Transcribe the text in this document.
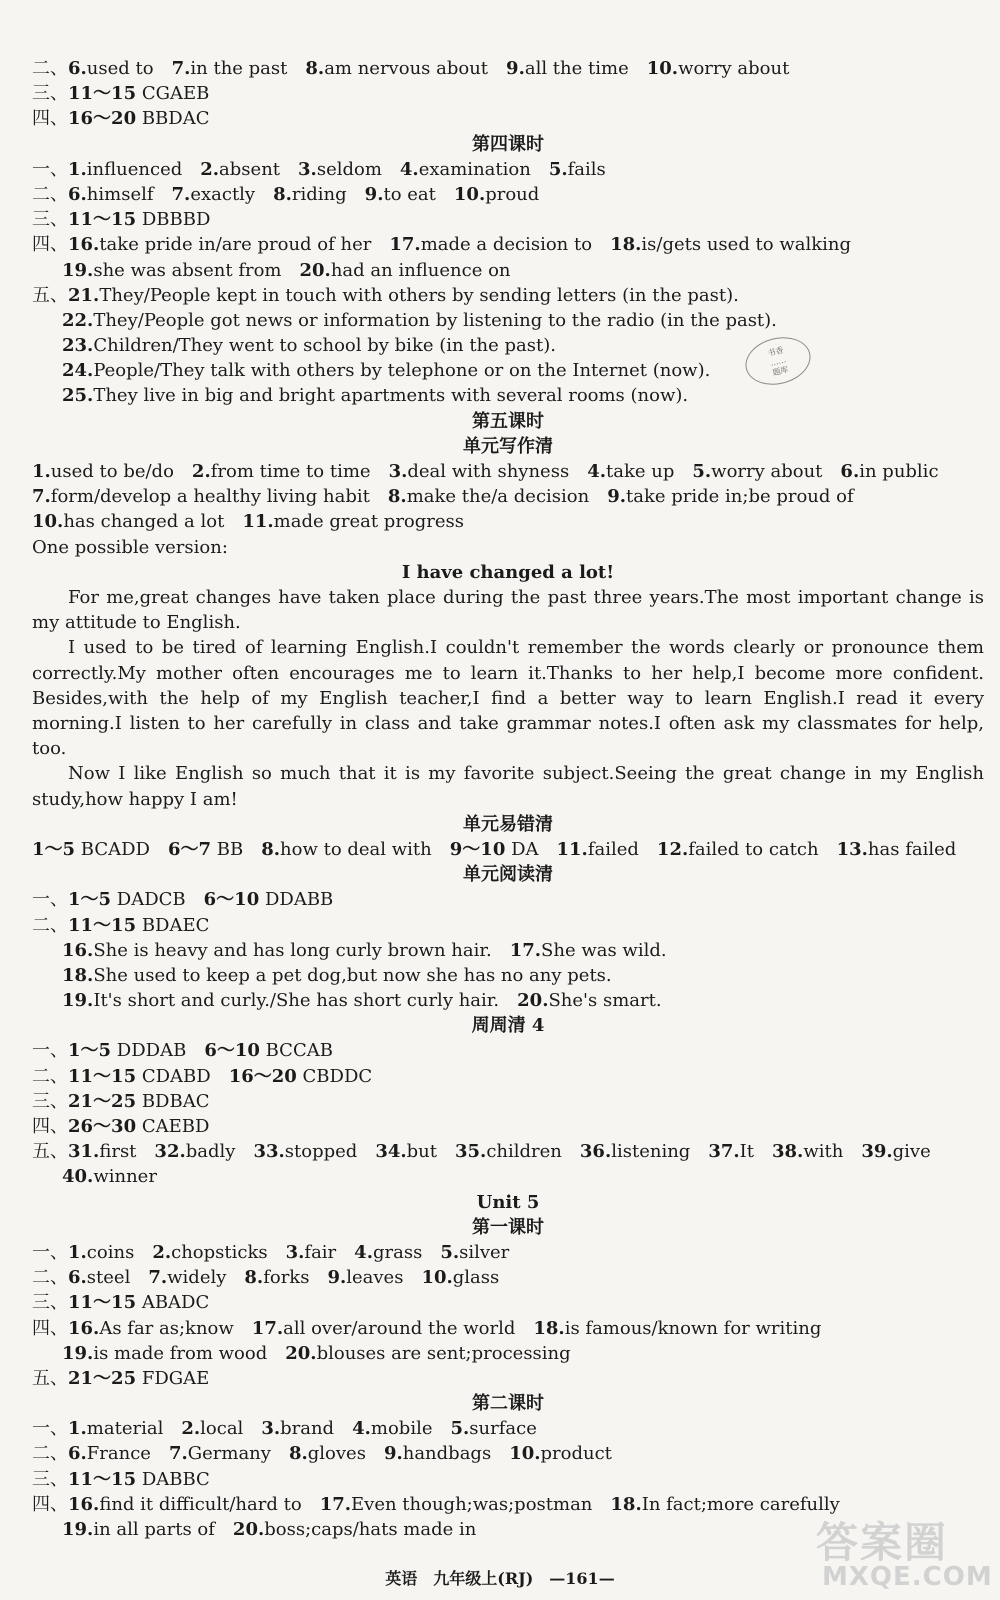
二、6.used to 7.in the past 8.am nervous about 9.all the time 10.worry about
三、11～15 CGAEB
四、16～20 BBDAC
第四课时
一、1.influenced 2.absent 3.seldom 4.examination 5.fails
二、6.himself 7.exactly 8.riding 9.to eat 10.proud
三、11～15 DBBBD
四、16.take pride in/are proud of her 17.made a decision to 18.is/gets used to walking
19.she was absent from 20.had an influence on
五、21.They/People kept in touch with others by sending letters (in the past).
22.They/People got news or information by listening to the radio (in the past).
23.Children/They went to school by bike (in the past).
24.People/They talk with others by telephone or on the Internet (now).
25.They live in big and bright apartments with several rooms (now).
第五课时
单元写作清
1.used to be/do 2.from time to time 3.deal with shyness 4.take up 5.worry about 6.in public
7.form/develop a healthy living habit 8.make the/a decision 9.take pride in;be proud of
10.has changed a lot 11.made great progress
One possible version:
I have changed a lot!
For me,great changes have taken place during the past three years.The most important change is my attitude to English.
I used to be tired of learning English.I couldn't remember the words clearly or pronounce them correctly.My mother often encourages me to learn it.Thanks to her help,I become more confident. Besides,with the help of my English teacher,I find a better way to learn English.I read it every morning.I listen to her carefully in class and take grammar notes.I often ask my classmates for help, too.
Now I like English so much that it is my favorite subject.Seeing the great change in my English study,how happy I am!
单元易错清
1～5 BCADD 6～7 BB 8.how to deal with 9～10 DA 11.failed 12.failed to catch 13.has failed
单元阅读清
一、1～5 DADCB 6～10 DDABB
二、11～15 BDAEC
16.She is heavy and has long curly brown hair. 17.She was wild.
18.She used to keep a pet dog,but now she has no any pets.
19.It's short and curly./She has short curly hair. 20.She's smart.
周周清 4
一、1～5 DDDAB 6～10 BCCAB
二、11～15 CDABD 16～20 CBDDC
三、21～25 BDBAC
四、26～30 CAEBD
五、31.first 32.badly 33.stopped 34.but 35.children 36.listening 37.It 38.with 39.give
40.winner
Unit 5
第一课时
一、1.coins 2.chopsticks 3.fair 4.grass 5.silver
二、6.steel 7.widely 8.forks 9.leaves 10.glass
三、11～15 ABADC
四、16.As far as;know 17.all over/around the world 18.is famous/known for writing
19.is made from wood 20.blouses are sent;processing
五、21～25 FDGAE
第二课时
一、1.material 2.local 3.brand 4.mobile 5.surface
二、6.France 7.Germany 8.gloves 9.handbags 10.product
三、11～15 DABBC
四、16.find it difficult/hard to 17.Even though;was;postman 18.In fact;more carefully
19.in all parts of 20.boss;caps/hats made in
书香
……
题库
英语　九年级上(RJ)　—161—
答案圈
MXQE.COM
